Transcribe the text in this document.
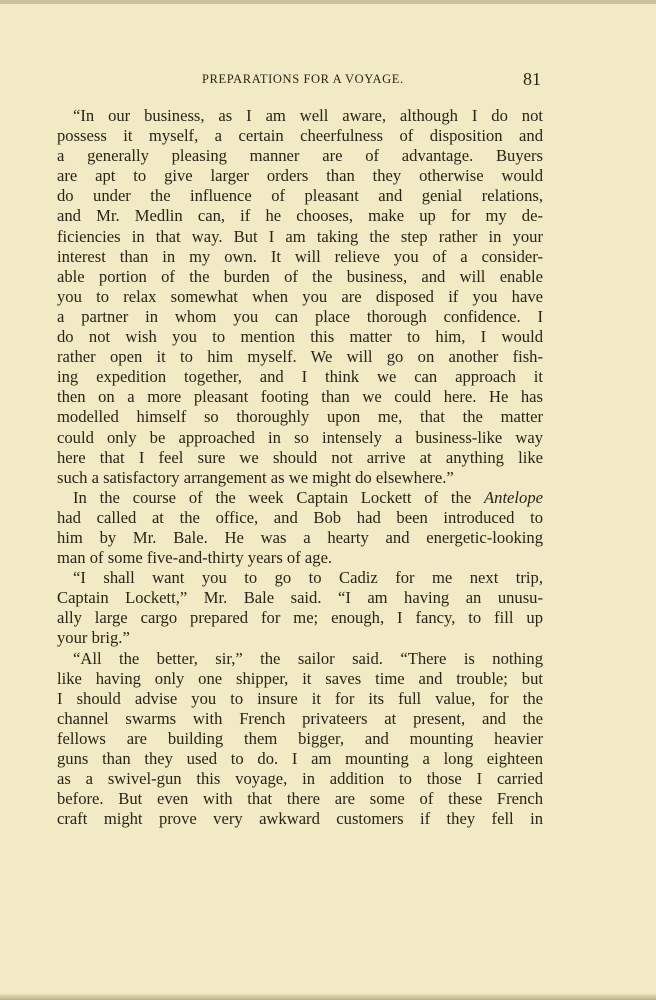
PREPARATIONS FOR A VOYAGE.	81
“In our business, as I am well aware, although I do not
possess it myself, a certain cheerfulness of disposition and
a generally pleasing manner are of advantage. Buyers
are apt to give larger orders than they otherwise would
do under the influence of pleasant and genial relations,
and Mr. Medlin can, if he chooses, make up for my de-
ficiencies in that way. But I am taking the step rather in your
interest than in my own. It will relieve you of a consider-
able portion of the burden of the business, and will enable
you to relax somewhat when you are disposed if you have
a partner in whom you can place thorough confidence. I
do not wish you to mention this matter to him, I would
rather open it to him myself. We will go on another fish-
ing expedition together, and I think we can approach it
then on a more pleasant footing than we could here. He has
modelled himself so thoroughly upon me, that the matter
could only be approached in so intensely a business-like way
here that I feel sure we should not arrive at anything like
such a satisfactory arrangement as we might do elsewhere.”
In the course of the week Captain Lockett of the Antelope
had called at the office, and Bob had been introduced to
him by Mr. Bale. He was a hearty and energetic-looking
man of some five-and-thirty years of age.
“I shall want you to go to Cadiz for me next trip,
Captain Lockett,” Mr. Bale said. “I am having an unusu-
ally large cargo prepared for me; enough, I fancy, to fill up
your brig.”
“All the better, sir,” the sailor said. “There is nothing
like having only one shipper, it saves time and trouble; but
I should advise you to insure it for its full value, for the
channel swarms with French privateers at present, and the
fellows are building them bigger, and mounting heavier
guns than they used to do. I am mounting a long eighteen
as a swivel-gun this voyage, in addition to those I carried
before. But even with that there are some of these French
craft might prove very awkward customers if they fell in
